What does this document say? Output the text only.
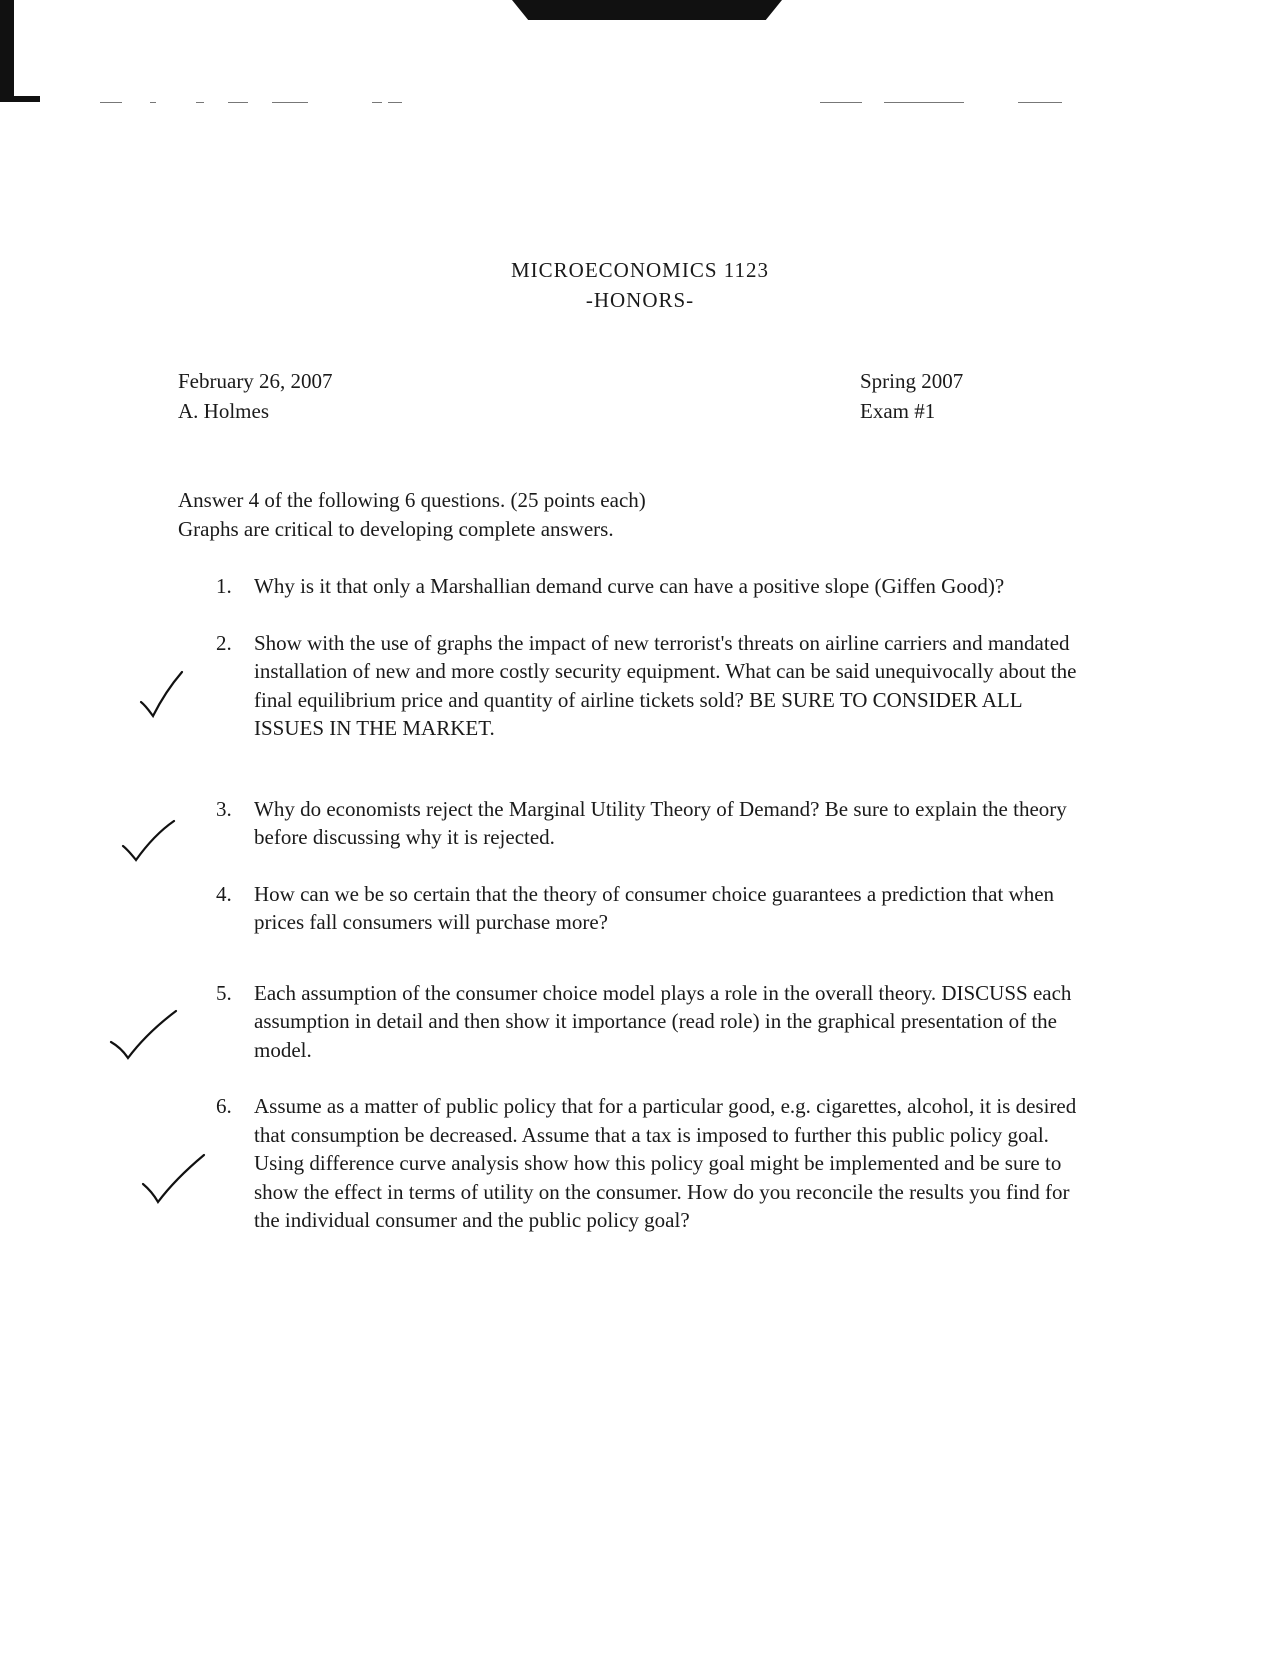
MICROECONOMICS 1123
-HONORS-
February 26, 2007
A. Holmes
Spring 2007
Exam #1
Answer 4 of the following 6 questions. (25 points each)
Graphs are critical to developing complete answers.
1.	Why is it that only a Marshallian demand curve can have a positive slope (Giffen Good)?
2.	Show with the use of graphs the impact of new terrorist's threats on airline carriers and mandated installation of new and more costly security equipment. What can be said unequivocally about the final equilibrium price and quantity of airline tickets sold? BE SURE TO CONSIDER ALL ISSUES IN THE MARKET.
3.	Why do economists reject the Marginal Utility Theory of Demand? Be sure to explain the theory before discussing why it is rejected.
4.	How can we be so certain that the theory of consumer choice guarantees a prediction that when prices fall consumers will purchase more?
5.	Each assumption of the consumer choice model plays a role in the overall theory. DISCUSS each assumption in detail and then show it importance (read role) in the graphical presentation of the model.
6.	Assume as a matter of public policy that for a particular good, e.g. cigarettes, alcohol, it is desired that consumption be decreased. Assume that a tax is imposed to further this public policy goal. Using difference curve analysis show how this policy goal might be implemented and be sure to show the effect in terms of utility on the consumer. How do you reconcile the results you find for the individual consumer and the public policy goal?
